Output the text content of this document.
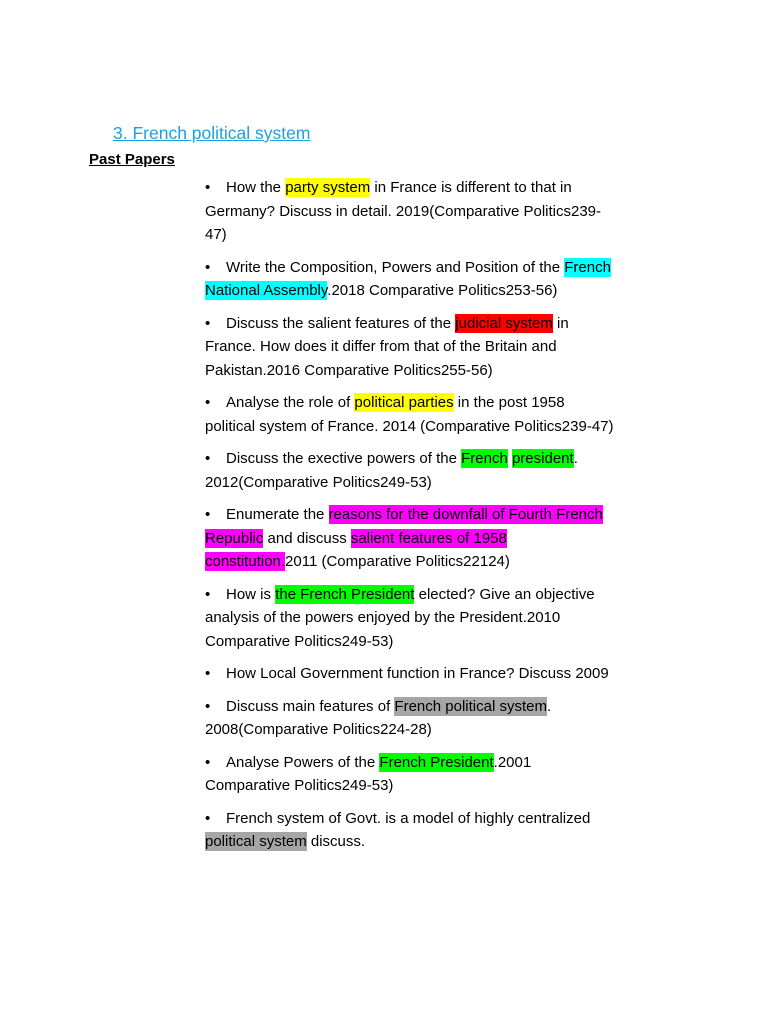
3. French political system
Past Papers
• How the party system in France is different to that in Germany? Discuss in detail. 2019(Comparative Politics239-47)
• Write the Composition, Powers and Position of the French National Assembly.2018 Comparative Politics253-56)
• Discuss the salient features of the judicial system in France. How does it differ from that of the Britain and Pakistan.2016 Comparative Politics255-56)
• Analyse the role of political parties in the post 1958 political system of France. 2014 (Comparative Politics239-47)
• Discuss the exective powers of the French president. 2012(Comparative Politics249-53)
• Enumerate the reasons for the downfall of Fourth French Republic and discuss salient features of 1958 constitution.2011 (Comparative Politics22124)
• How is the French President elected? Give an objective analysis of the powers enjoyed by the President.2010 Comparative Politics249-53)
• How Local Government function in France? Discuss 2009
• Discuss main features of French political system. 2008(Comparative Politics224-28)
• Analyse Powers of the French President.2001 Comparative Politics249-53)
• French system of Govt. is a model of highly centralized political system discuss.
